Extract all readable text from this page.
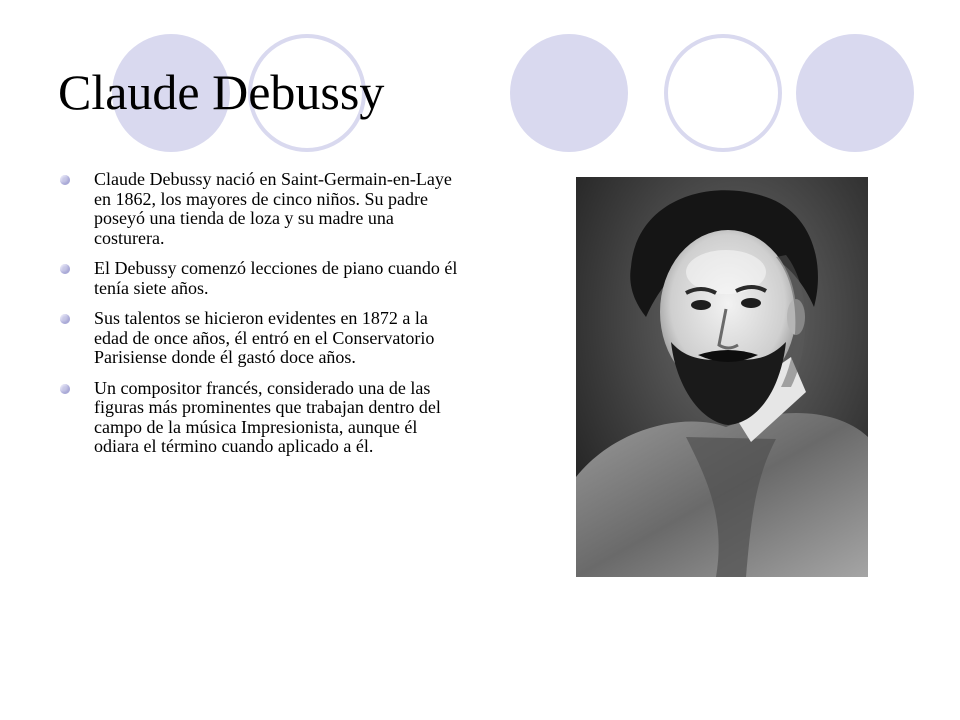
Claude Debussy
Claude Debussy nació en Saint-Germain-en-Laye en 1862, los mayores de cinco niños. Su padre poseyó una tienda de loza y su madre una costurera.
El Debussy comenzó lecciones de piano cuando él tenía siete años.
Sus talentos se hicieron evidentes en 1872 a la edad de once años, él entró en el Conservatorio Parisiense donde él gastó doce años.
Un compositor francés, considerado una de las figuras más prominentes que trabajan dentro del campo de la música Impresionista, aunque él odiara el término cuando aplicado a él.
